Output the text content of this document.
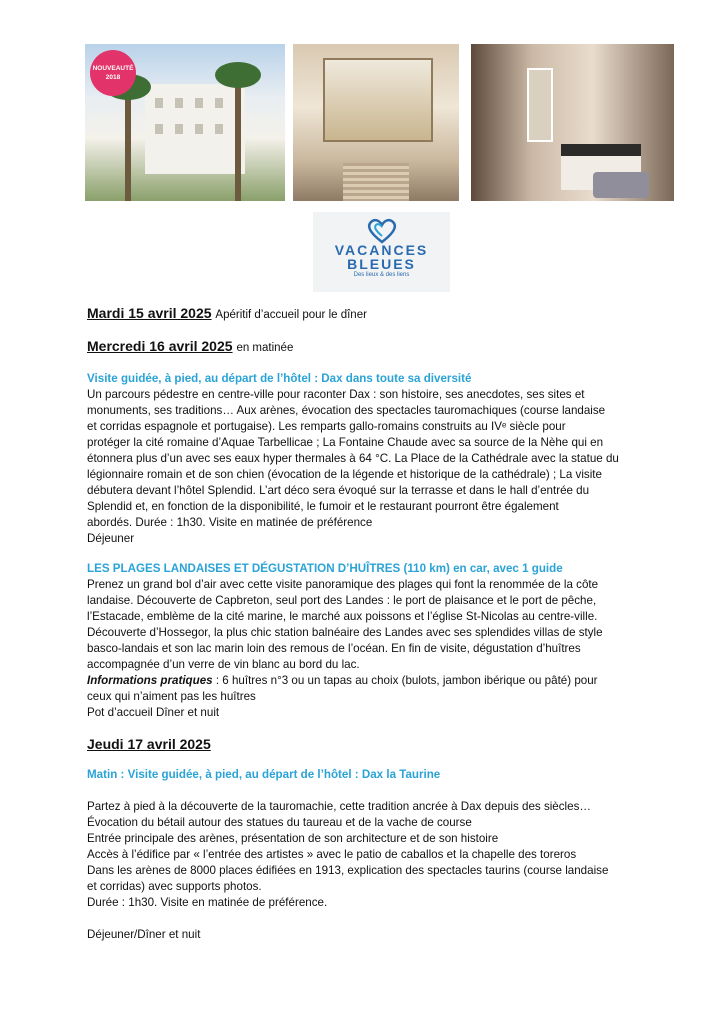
NOUVEAUTÉ
2018
VACANCES
BLEUES
Des lieux & des liens

Mardi 15 avril 2025 Apéritif d’accueil pour le dîner

Mercredi 16 avril 2025 en matinée

Visite guidée, à pied, au départ de l’hôtel : Dax dans toute sa diversité

Un parcours pédestre en centre-ville pour raconter Dax : son histoire, ses anecdotes, ses sites et

monuments, ses traditions… Aux arènes, évocation des spectacles tauromachiques (course landaise

et corridas espagnole et portugaise). Les remparts gallo-romains construits au IVᵉ siècle pour

protéger la cité romaine d’Aquae Tarbellicae ; La Fontaine Chaude avec sa source de la Nèhe qui en

étonnera plus d’un avec ses eaux hyper thermales à 64 °C. La Place de la Cathédrale avec la statue du

légionnaire romain et de son chien (évocation de la légende et historique de la cathédrale) ; La visite

débutera devant l’hôtel Splendid. L’art déco sera évoqué sur la terrasse et dans le hall d’entrée du

Splendid et, en fonction de la disponibilité, le fumoir et le restaurant pourront être également

abordés. Durée : 1h30. Visite en matinée de préférence

Déjeuner

LES PLAGES LANDAISES ET DÉGUSTATION D’HUÎTRES (110 km) en car, avec 1 guide

Prenez un grand bol d’air avec cette visite panoramique des plages qui font la renommée de la côte

landaise. Découverte de Capbreton, seul port des Landes : le port de plaisance et le port de pêche,

l’Estacade, emblème de la cité marine, le marché aux poissons et l’église St-Nicolas au centre-ville.

Découverte d’Hossegor, la plus chic station balnéaire des Landes avec ses splendides villas de style

basco-landais et son lac marin loin des remous de l’océan. En fin de visite, dégustation d’huîtres

accompagnée d’un verre de vin blanc au bord du lac.

Informations pratiques : 6 huîtres n°3 ou un tapas au choix (bulots, jambon ibérique ou pâté) pour

ceux qui n’aiment pas les huîtres

Pot d’accueil Dîner et nuit

Jeudi 17 avril 2025

Matin : Visite guidée, à pied, au départ de l’hôtel : Dax la Taurine

Partez à pied à la découverte de la tauromachie, cette tradition ancrée à Dax depuis des siècles…

Évocation du bétail autour des statues du taureau et de la vache de course

Entrée principale des arènes, présentation de son architecture et de son histoire

Accès à l’édifice par « l’entrée des artistes » avec le patio de caballos et la chapelle des toreros

Dans les arènes de 8000 places édifiées en 1913, explication des spectacles taurins (course landaise

et corridas) avec supports photos.

Durée : 1h30. Visite en matinée de préférence.

Déjeuner/Dîner et nuit
